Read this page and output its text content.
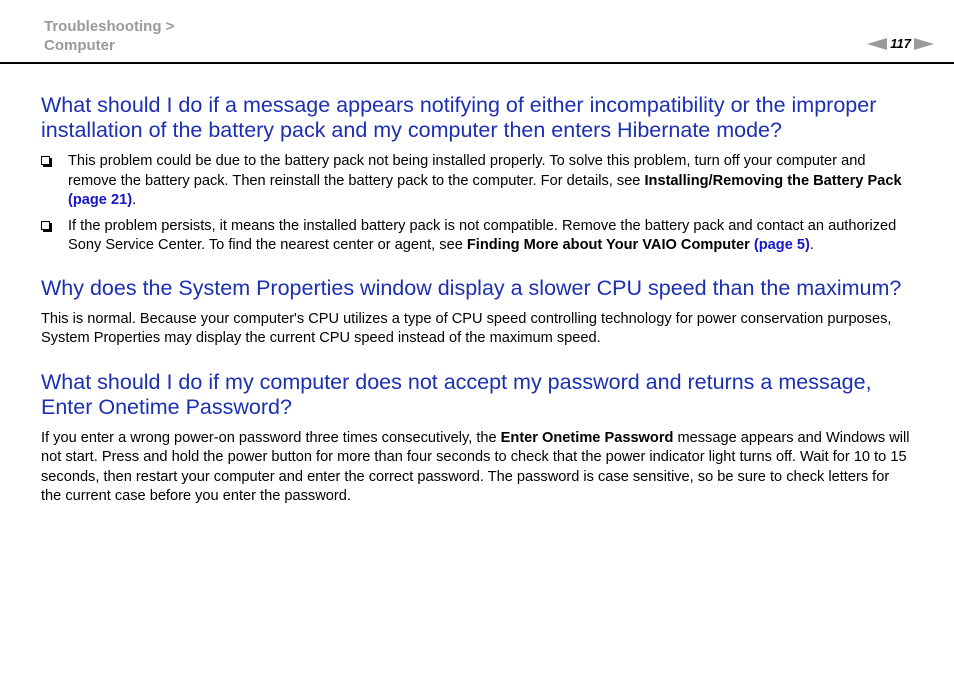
Troubleshooting >
Computer	117
What should I do if a message appears notifying of either incompatibility or the improper installation of the battery pack and my computer then enters Hibernate mode?
This problem could be due to the battery pack not being installed properly. To solve this problem, turn off your computer and remove the battery pack. Then reinstall the battery pack to the computer. For details, see Installing/Removing the Battery Pack (page 21).
If the problem persists, it means the installed battery pack is not compatible. Remove the battery pack and contact an authorized Sony Service Center. To find the nearest center or agent, see Finding More about Your VAIO Computer (page 5).
Why does the System Properties window display a slower CPU speed than the maximum?

This is normal. Because your computer's CPU utilizes a type of CPU speed controlling technology for power conservation purposes, System Properties may display the current CPU speed instead of the maximum speed.

What should I do if my computer does not accept my password and returns a message, Enter Onetime Password?

If you enter a wrong power-on password three times consecutively, the Enter Onetime Password message appears and Windows will not start. Press and hold the power button for more than four seconds to check that the power indicator light turns off. Wait for 10 to 15 seconds, then restart your computer and enter the correct password. The password is case sensitive, so be sure to check letters for the current case before you enter the password.
